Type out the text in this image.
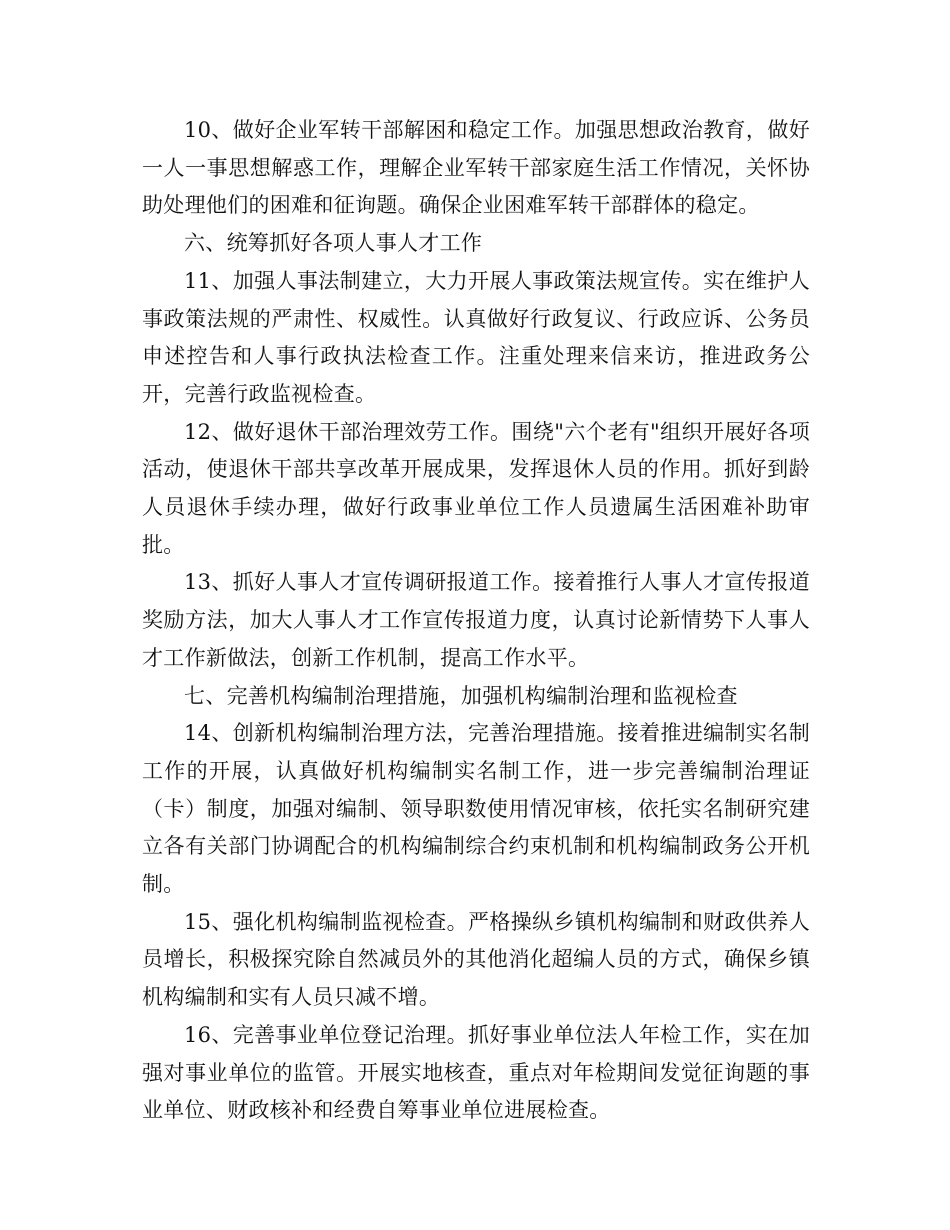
10、做好企业军转干部解困和稳定工作。加强思想政治教育，做好一人一事思想解惑工作，理解企业军转干部家庭生活工作情况，关怀协助处理他们的困难和征询题。确保企业困难军转干部群体的稳定。

六、统筹抓好各项人事人才工作

11、加强人事法制建立，大力开展人事政策法规宣传。实在维护人事政策法规的严肃性、权威性。认真做好行政复议、行政应诉、公务员申述控告和人事行政执法检查工作。注重处理来信来访，推进政务公开，完善行政监视检查。

12、做好退休干部治理效劳工作。围绕"六个老有"组织开展好各项活动，使退休干部共享改革开展成果，发挥退休人员的作用。抓好到龄人员退休手续办理，做好行政事业单位工作人员遗属生活困难补助审批。

13、抓好人事人才宣传调研报道工作。接着推行人事人才宣传报道奖励方法，加大人事人才工作宣传报道力度，认真讨论新情势下人事人才工作新做法，创新工作机制，提高工作水平。

七、完善机构编制治理措施，加强机构编制治理和监视检查

14、创新机构编制治理方法，完善治理措施。接着推进编制实名制工作的开展，认真做好机构编制实名制工作，进一步完善编制治理证（卡）制度，加强对编制、领导职数使用情况审核，依托实名制研究建立各有关部门协调配合的机构编制综合约束机制和机构编制政务公开机制。

15、强化机构编制监视检查。严格操纵乡镇机构编制和财政供养人员增长，积极探究除自然减员外的其他消化超编人员的方式，确保乡镇机构编制和实有人员只减不增。

16、完善事业单位登记治理。抓好事业单位法人年检工作，实在加强对事业单位的监管。开展实地核查，重点对年检期间发觉征询题的事业单位、财政核补和经费自筹事业单位进展检查。
